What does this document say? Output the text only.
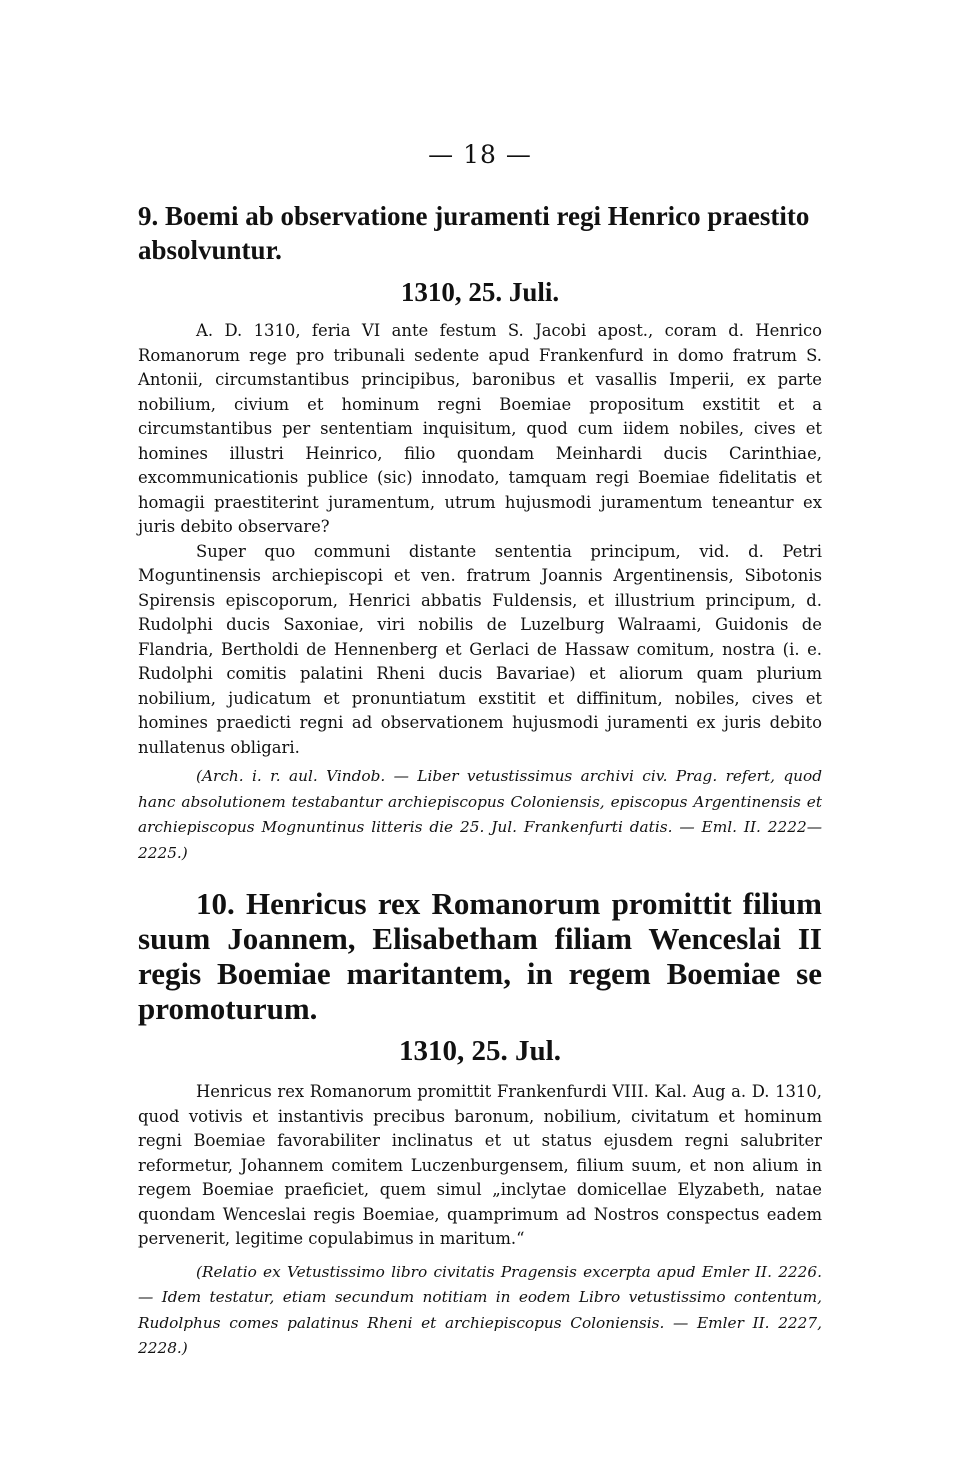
— 18 —
9. Boemi ab observatione juramenti regi Henrico praestito absolvuntur.
1310, 25. Juli.

A. D. 1310, feria VI ante festum S. Jacobi apost., coram d. Henrico Romanorum rege pro tribunali sedente apud Frankenfurd in domo fratrum S. Antonii, circumstantibus principibus, baronibus et vasallis Imperii, ex parte nobilium, civium et hominum regni Boemiae propositum exstitit et a circumstantibus per sententiam inquisitum, quod cum iidem nobiles, cives et homines illustri Heinrico, filio quondam Meinhardi ducis Carinthiae, excommunicationis publice (sic) innodato, tamquam regi Boemiae fidelitatis et homagii praestiterint juramentum, utrum hujusmodi juramentum teneantur ex juris debito observare?

Super quo communi distante sententia principum, vid. d. Petri Moguntinensis archiepiscopi et ven. fratrum Joannis Argentinensis, Sibotonis Spirensis episcoporum, Henrici abbatis Fuldensis, et illustrium principum, d. Rudolphi ducis Saxoniae, viri nobilis de Luzelburg Walraami, Guidonis de Flandria, Bertholdi de Hennenberg et Gerlaci de Hassaw comitum, nostra (i. e. Rudolphi comitis palatini Rheni ducis Bavariae) et aliorum quam plurium nobilium, judicatum et pronuntiatum exstitit et diffinitum, nobiles, cives et homines praedicti regni ad observationem hujusmodi juramenti ex juris debito nullatenus obligari.

(Arch. i. r. aul. Vindob. — Liber vetustissimus archivi civ. Prag. refert, quod hanc absolutionem testabantur archiepiscopus Coloniensis, episcopus Argentinensis et archiepiscopus Mognuntinus litteris die 25. Jul. Frankenfurti datis. — Eml. II. 2222—2225.)

10. Henricus rex Romanorum promittit filium suum Joannem, Elisabetham filiam Wenceslai II regis Boemiae maritantem, in regem Boemiae se promoturum.
1310, 25. Jul.

Henricus rex Romanorum promittit Frankenfurdi VIII. Kal. Aug a. D. 1310, quod votivis et instantivis precibus baronum, nobilium, civitatum et hominum regni Boemiae favorabiliter inclinatus et ut status ejusdem regni salubriter reformetur, Johannem comitem Luczenburgensem, filium suum, et non alium in regem Boemiae praeficiet, quem simul „inclytae domicellae Elyzabeth, natae quondam Wenceslai regis Boemiae, quamprimum ad Nostros conspectus eadem pervenerit, legitime copulabimus in maritum.“

(Relatio ex Vetustissimo libro civitatis Pragensis excerpta apud Emler II. 2226. — Idem testatur, etiam secundum notitiam in eodem Libro vetustissimo contentum, Rudolphus comes palatinus Rheni et archiepiscopus Coloniensis. — Emler II. 2227, 2228.)
